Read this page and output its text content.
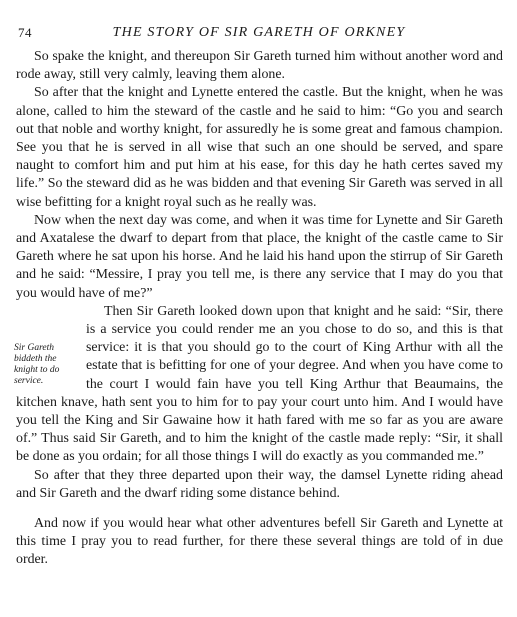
74	THE STORY OF SIR GARETH OF ORKNEY

So spake the knight, and thereupon Sir Gareth turned him without another word and rode away, still very calmly, leaving them alone.

So after that the knight and Lynette entered the castle. But the knight, when he was alone, called to him the steward of the castle and he said to him: “Go you and search out that noble and worthy knight, for assuredly he is some great and famous champion. See you that he is served in all wise that such an one should be served, and spare naught to comfort him and put him at his ease, for this day he hath certes saved my life.” So the steward did as he was bidden and that evening Sir Gareth was served in all wise befitting for a knight royal such as he really was.

Now when the next day was come, and when it was time for Lynette and Sir Gareth and Axatalese the dwarf to depart from that place, the knight of the castle came to Sir Gareth where he sat upon his horse. And he laid his hand upon the stirrup of Sir Gareth and he said: “Messire, I pray you tell me, is there any service that I may do you that you would have of me?”

Sir Gareth biddeth the knight to do service.
Then Sir Gareth looked down upon that knight and he said: “Sir, there is a service you could render me an you chose to do so, and this is that service: it is that you should go to the court of King Arthur with all the estate that is befitting for one of your degree. And when you have come to the court I would fain have you tell King Arthur that Beaumains, the kitchen knave, hath sent you to him for to pay your court unto him. And I would have you tell the King and Sir Gawaine how it hath fared with me so far as you are aware of.” Thus said Sir Gareth, and to him the knight of the castle made reply: “Sir, it shall be done as you ordain; for all those things I will do exactly as you commanded me.”

So after that they three departed upon their way, the damsel Lynette riding ahead and Sir Gareth and the dwarf riding some distance behind.

And now if you would hear what other adventures befell Sir Gareth and Lynette at this time I pray you to read further, for there these several things are told of in due order.
